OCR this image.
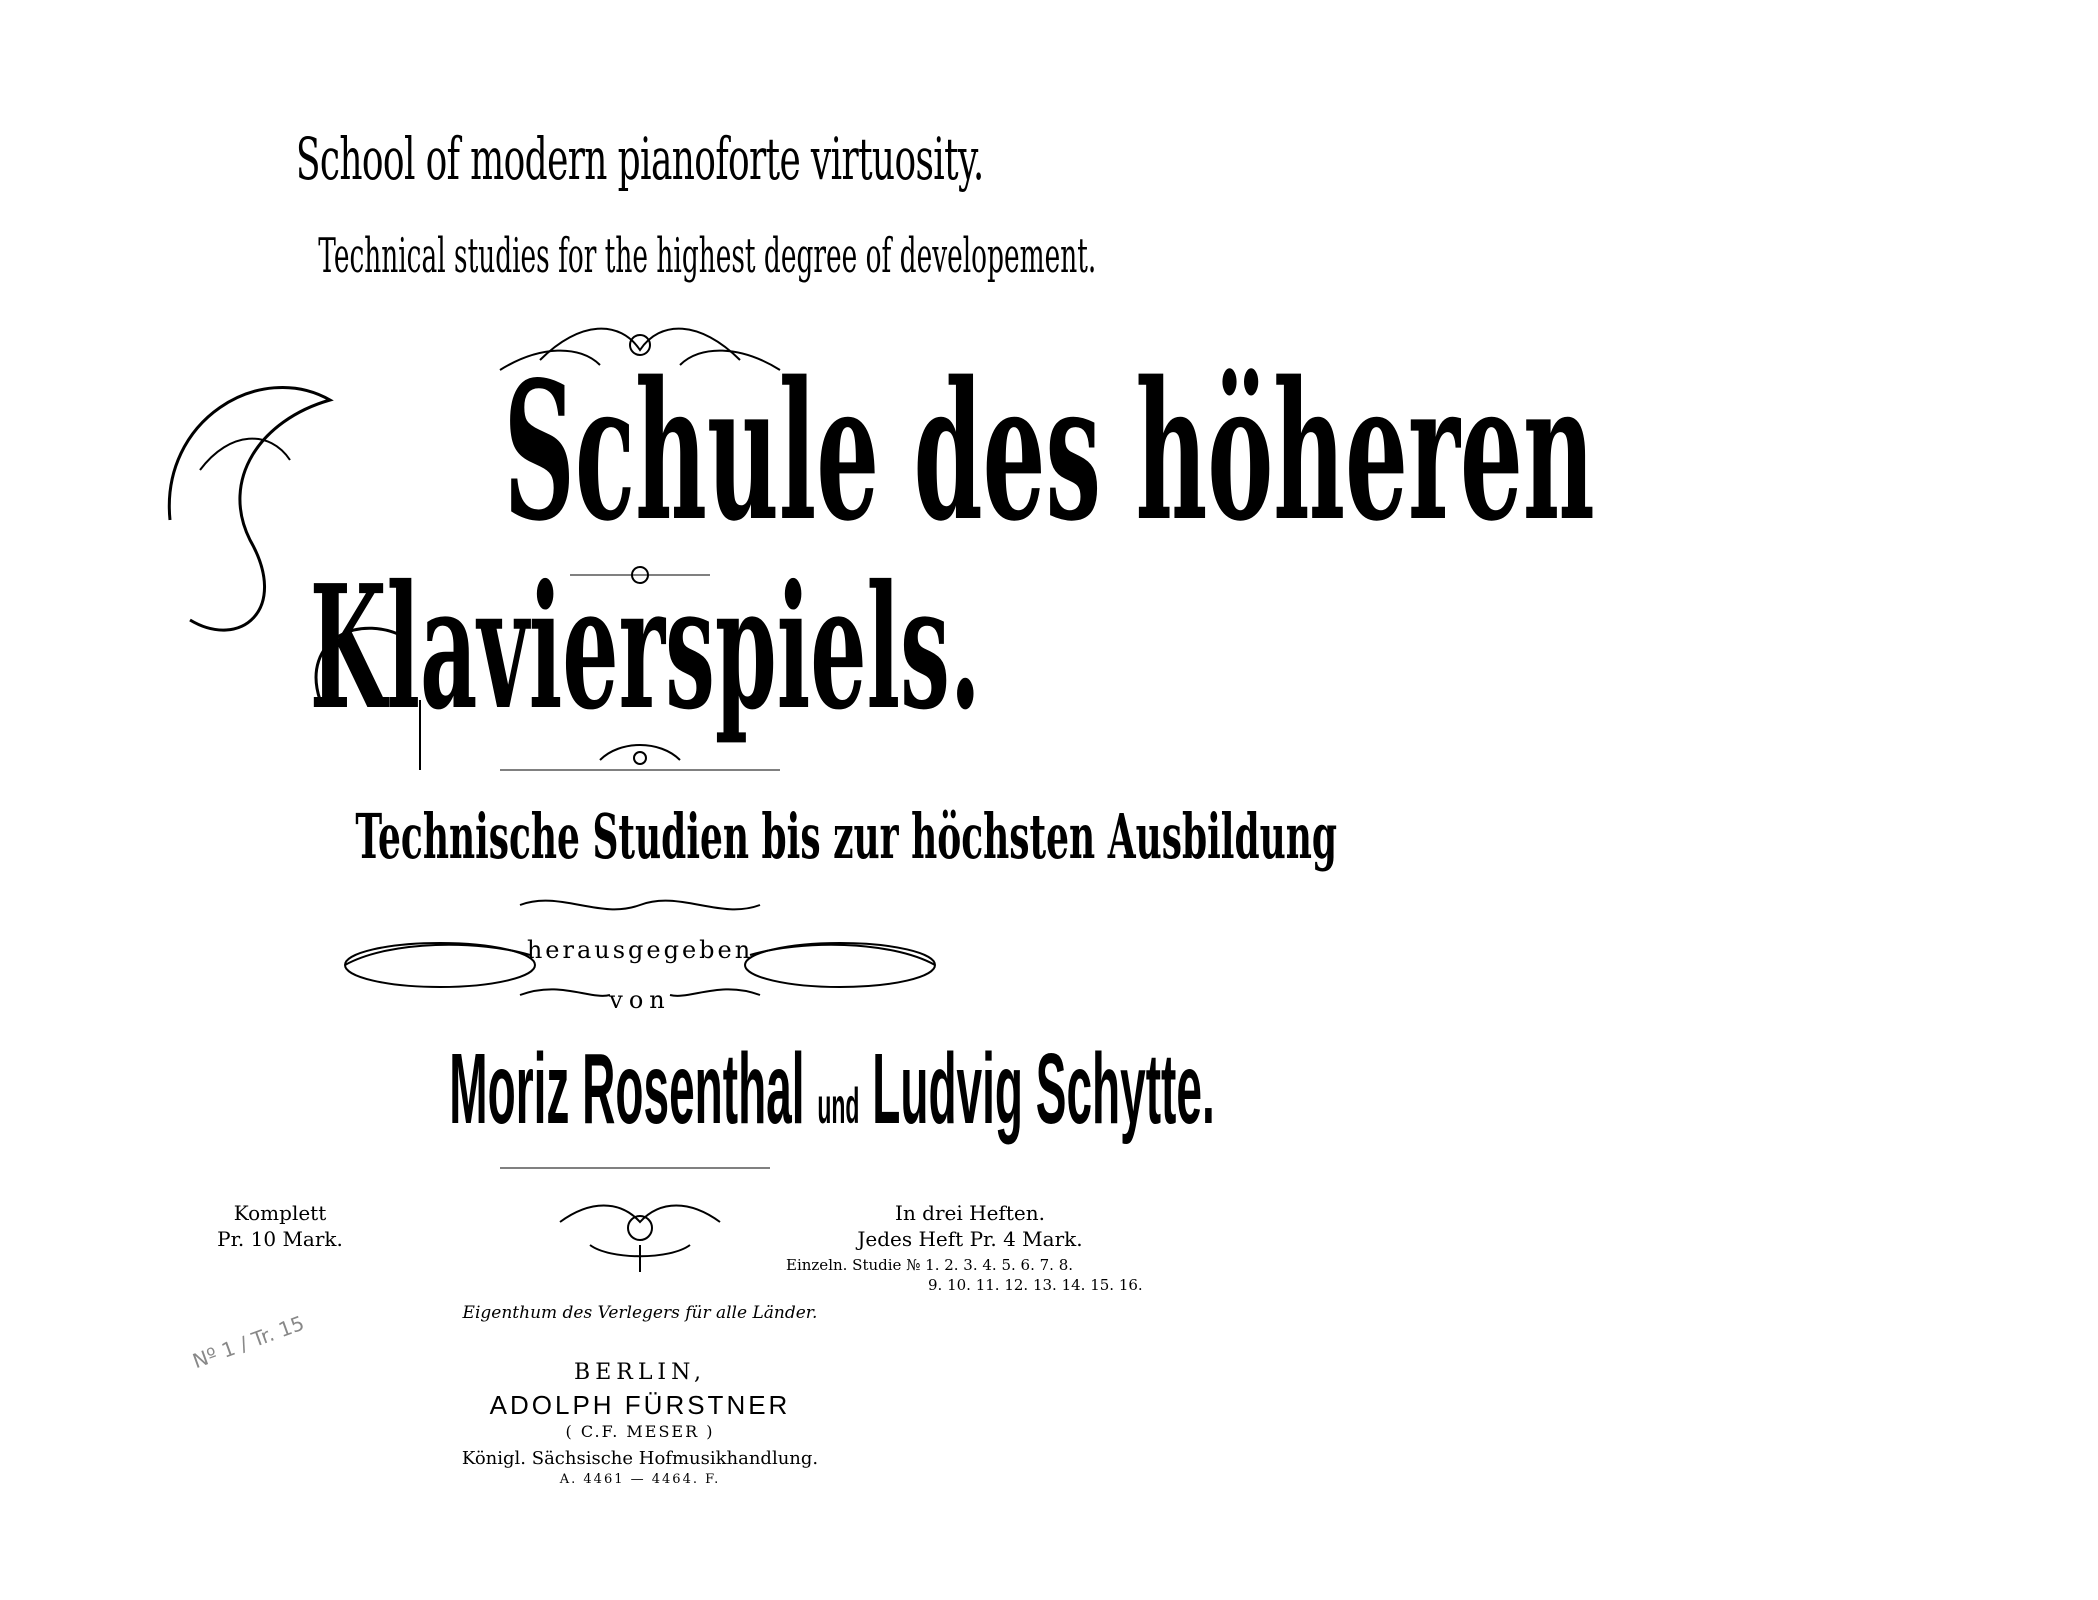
School of modern pianoforte virtuosity.
Technical studies for the highest degree of developement.
Schule des höheren
Klavierspiels.
Technische Studien bis zur höchsten Ausbildung
herausgegeben
von
Moriz Rosenthal und Ludvig Schytte.
Komplett
Pr. 10 Mark.
In drei Heften.
Jedes Heft Pr. 4 Mark.
Einzeln. Studie № 1. 2. 3. 4. 5. 6. 7. 8.
9. 10. 11. 12. 13. 14. 15. 16.
Eigenthum des Verlegers für alle Länder.
BERLIN,
ADOLPH FÜRSTNER
( C.F. MESER )
Königl. Sächsische Hofmusikhandlung.
A. 4461 — 4464. F.
Nº 1 / Tr. 15
